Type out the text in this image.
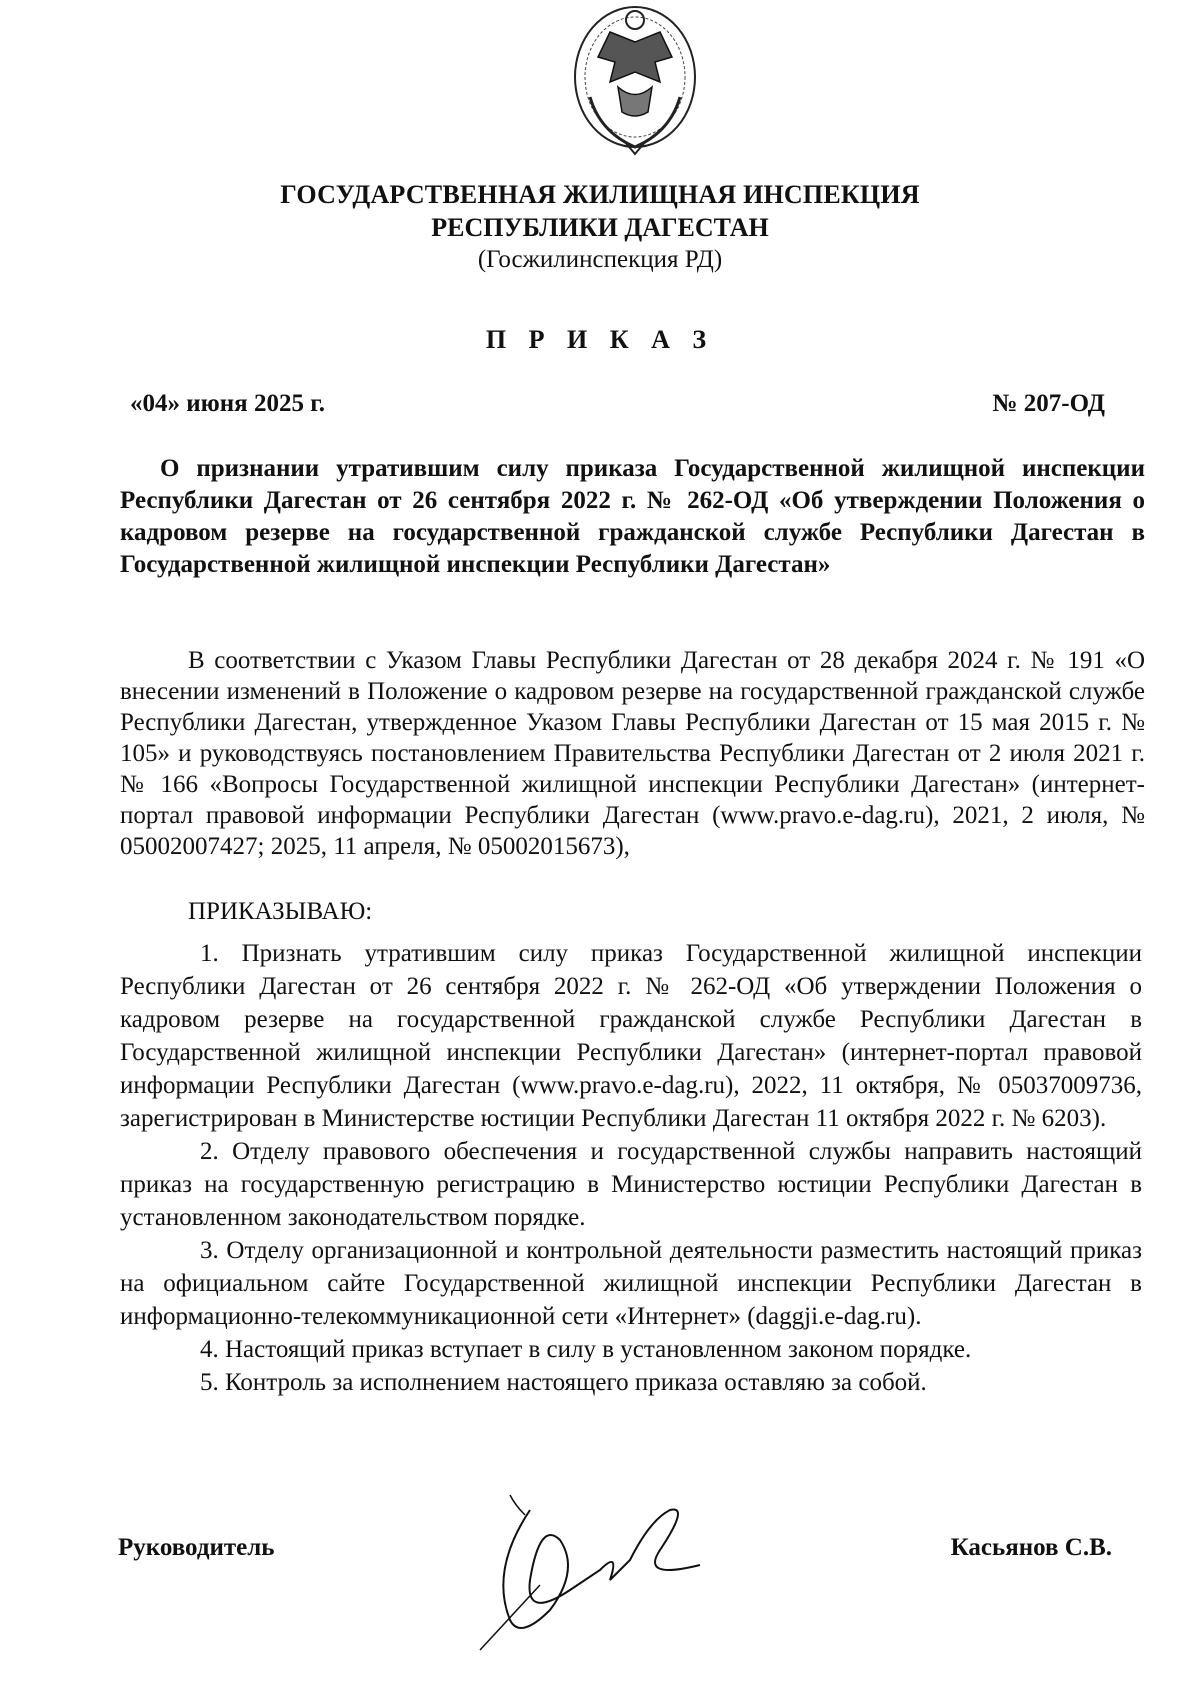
ГОСУДАРСТВЕННАЯ ЖИЛИЩНАЯ ИНСПЕКЦИЯ
РЕСПУБЛИКИ ДАГЕСТАН
(Госжилинспекция РД)
П Р И К А З
«04» июня 2025 г.	№ 207-ОД
О признании утратившим силу приказа Государственной жилищной инспекции Республики Дагестан от 26 сентября 2022 г. № 262-ОД «Об утверждении Положения о кадровом резерве на государственной гражданской службе Республики Дагестан в Государственной жилищной инспекции Республики Дагестан»
В соответствии с Указом Главы Республики Дагестан от 28 декабря 2024 г. № 191 «О внесении изменений в Положение о кадровом резерве на государственной гражданской службе Республики Дагестан, утвержденное Указом Главы Республики Дагестан от 15 мая 2015 г. № 105» и руководствуясь постановлением Правительства Республики Дагестан от 2 июля 2021 г. № 166 «Вопросы Государственной жилищной инспекции Республики Дагестан» (интернет-портал правовой информации Республики Дагестан (www.pravo.e-dag.ru), 2021, 2 июля, № 05002007427; 2025, 11 апреля, № 05002015673),
ПРИКАЗЫВАЮ:

1. Признать утратившим силу приказ Государственной жилищной инспекции Республики Дагестан от 26 сентября 2022 г. № 262-ОД «Об утверждении Положения о кадровом резерве на государственной гражданской службе Республики Дагестан в Государственной жилищной инспекции Республики Дагестан» (интернет-портал правовой информации Республики Дагестан (www.pravo.e-dag.ru), 2022, 11 октября, № 05037009736, зарегистрирован в Министерстве юстиции Республики Дагестан 11 октября 2022 г. № 6203).

2. Отделу правового обеспечения и государственной службы направить настоящий приказ на государственную регистрацию в Министерство юстиции Республики Дагестан в установленном законодательством порядке.

3. Отделу организационной и контрольной деятельности разместить настоящий приказ на официальном сайте Государственной жилищной инспекции Республики Дагестан в информационно-телекоммуникационной сети «Интернет» (daggji.e-dag.ru).

4. Настоящий приказ вступает в силу в установленном законом порядке.

5. Контроль за исполнением настоящего приказа оставляю за собой.

Руководитель	Касьянов С.В.
